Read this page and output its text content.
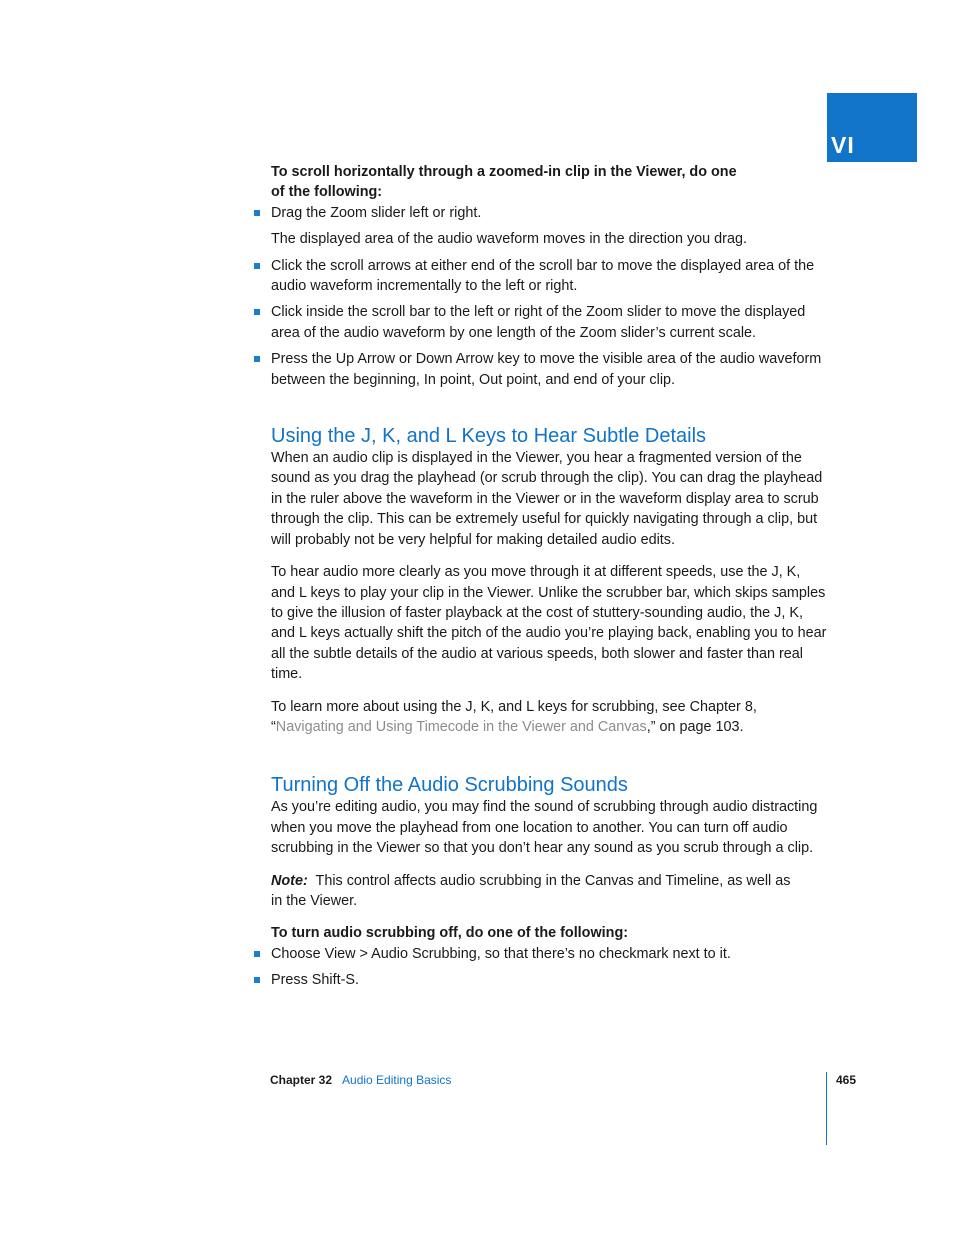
VI

To scroll horizontally through a zoomed-in clip in the Viewer, do one of the following:

Drag the Zoom slider left or right.

The displayed area of the audio waveform moves in the direction you drag.

Click the scroll arrows at either end of the scroll bar to move the displayed area of the audio waveform incrementally to the left or right.

Click inside the scroll bar to the left or right of the Zoom slider to move the displayed area of the audio waveform by one length of the Zoom slider’s current scale.

Press the Up Arrow or Down Arrow key to move the visible area of the audio waveform between the beginning, In point, Out point, and end of your clip.

Using the J, K, and L Keys to Hear Subtle Details

When an audio clip is displayed in the Viewer, you hear a fragmented version of the sound as you drag the playhead (or scrub through the clip). You can drag the playhead in the ruler above the waveform in the Viewer or in the waveform display area to scrub through the clip. This can be extremely useful for quickly navigating through a clip, but will probably not be very helpful for making detailed audio edits.

To hear audio more clearly as you move through it at different speeds, use the J, K, and L keys to play your clip in the Viewer. Unlike the scrubber bar, which skips samples to give the illusion of faster playback at the cost of stuttery-sounding audio, the J, K, and L keys actually shift the pitch of the audio you’re playing back, enabling you to hear all the subtle details of the audio at various speeds, both slower and faster than real time.

To learn more about using the J, K, and L keys for scrubbing, see Chapter 8, “Navigating and Using Timecode in the Viewer and Canvas,” on page 103.

Turning Off the Audio Scrubbing Sounds

As you’re editing audio, you may find the sound of scrubbing through audio distracting when you move the playhead from one location to another. You can turn off audio scrubbing in the Viewer so that you don’t hear any sound as you scrub through a clip.

Note: This control affects audio scrubbing in the Canvas and Timeline, as well as in the Viewer.

To turn audio scrubbing off, do one of the following:

Choose View > Audio Scrubbing, so that there’s no checkmark next to it.

Press Shift-S.

Chapter 32 Audio Editing Basics	465
